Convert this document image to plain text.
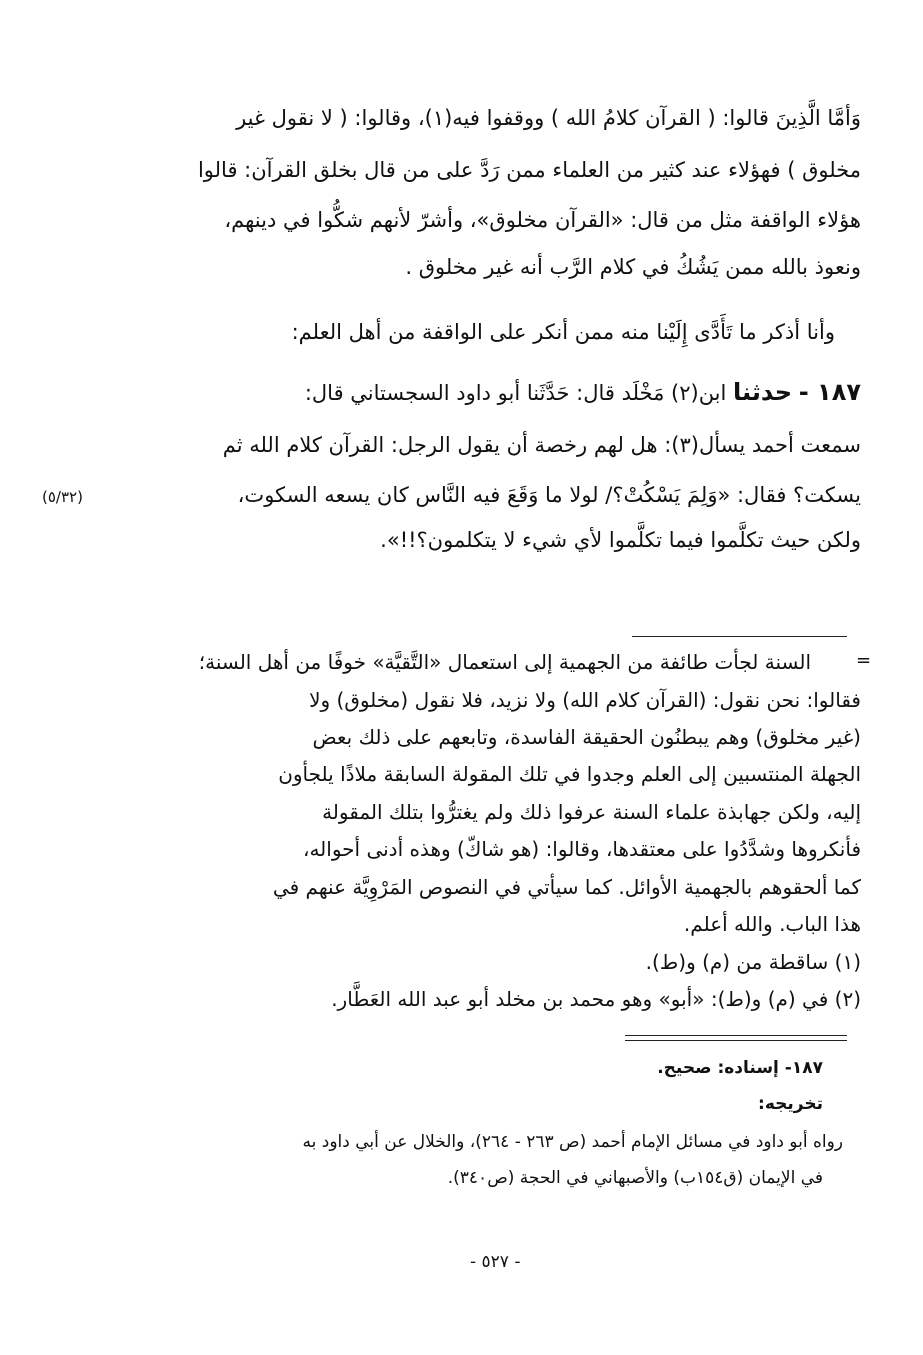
وَأمَّا الَّذِينَ قالوا: ( القرآن كلامُ الله ) ووقفوا فيه(١)، وقالوا: ( لا نقول غير
مخلوق ) فهؤلاء عند كثير من العلماء ممن رَدَّ على من قال بخلق القرآن: قالوا
هؤلاء الواقفة مثل من قال: «القرآن مخلوق»، وأشرّ لأنهم شكُّوا في دينهم،
ونعوذ بالله ممن يَشُكُ في كلام الرَّب أنه غير مخلوق .
وأنا أذكر ما تَأَدَّى إِلَيْنا منه ممن أنكر على الواقفة من أهل العلم:
١٨٧ - حدثنا ابن(٢) مَخْلَد قال: حَدَّثَنا أبو داود السجستاني قال:
سمعت أحمد يسأل(٣): هل لهم رخصة أن يقول الرجل: القرآن كلام الله ثم
يسكت؟ فقال: «وَلِمَ يَسْكُتْ؟/ لولا ما وَقَعَ فيه النَّاس كان يسعه السكوت،
ولكن حيث تكلَّموا فيما تكلَّموا لأي شيء لا يتكلمون؟!!».
(٥/٣٢)
=
السنة لجأت طائفة من الجهمية إلى استعمال «التَّقيَّة» خوفًا من أهل السنة؛
فقالوا: نحن نقول: (القرآن كلام الله) ولا نزيد، فلا نقول (مخلوق) ولا
(غير مخلوق) وهم يبطنُون الحقيقة الفاسدة، وتابعهم على ذلك بعض
الجهلة المنتسبين إلى العلم وجدوا في تلك المقولة السابقة ملاذًا يلجأون
إليه، ولكن جهابذة علماء السنة عرفوا ذلك ولم يغترُّوا بتلك المقولة
فأنكروها وشدَّدُوا على معتقدها، وقالوا: (هو شاكّ) وهذه أدنى أحواله،
كما ألحقوهم بالجهمية الأوائل. كما سيأتي في النصوص المَرْوِيَّة عنهم في
هذا الباب. والله أعلم.
(١) ساقطة من (م) و(ط).
(٢) في (م) و(ط): «أبو» وهو محمد بن مخلد أبو عبد الله العَطَّار.
١٨٧- إسناده: صحيح.
تخريجه:
رواه أبو داود في مسائل الإمام أحمد (ص ٢٦٣ - ٢٦٤)، والخلال عن أبي داود به
في الإيمان (ق١٥٤ب) والأصبهاني في الحجة (ص٣٤٠).
- ٥٢٧ -
